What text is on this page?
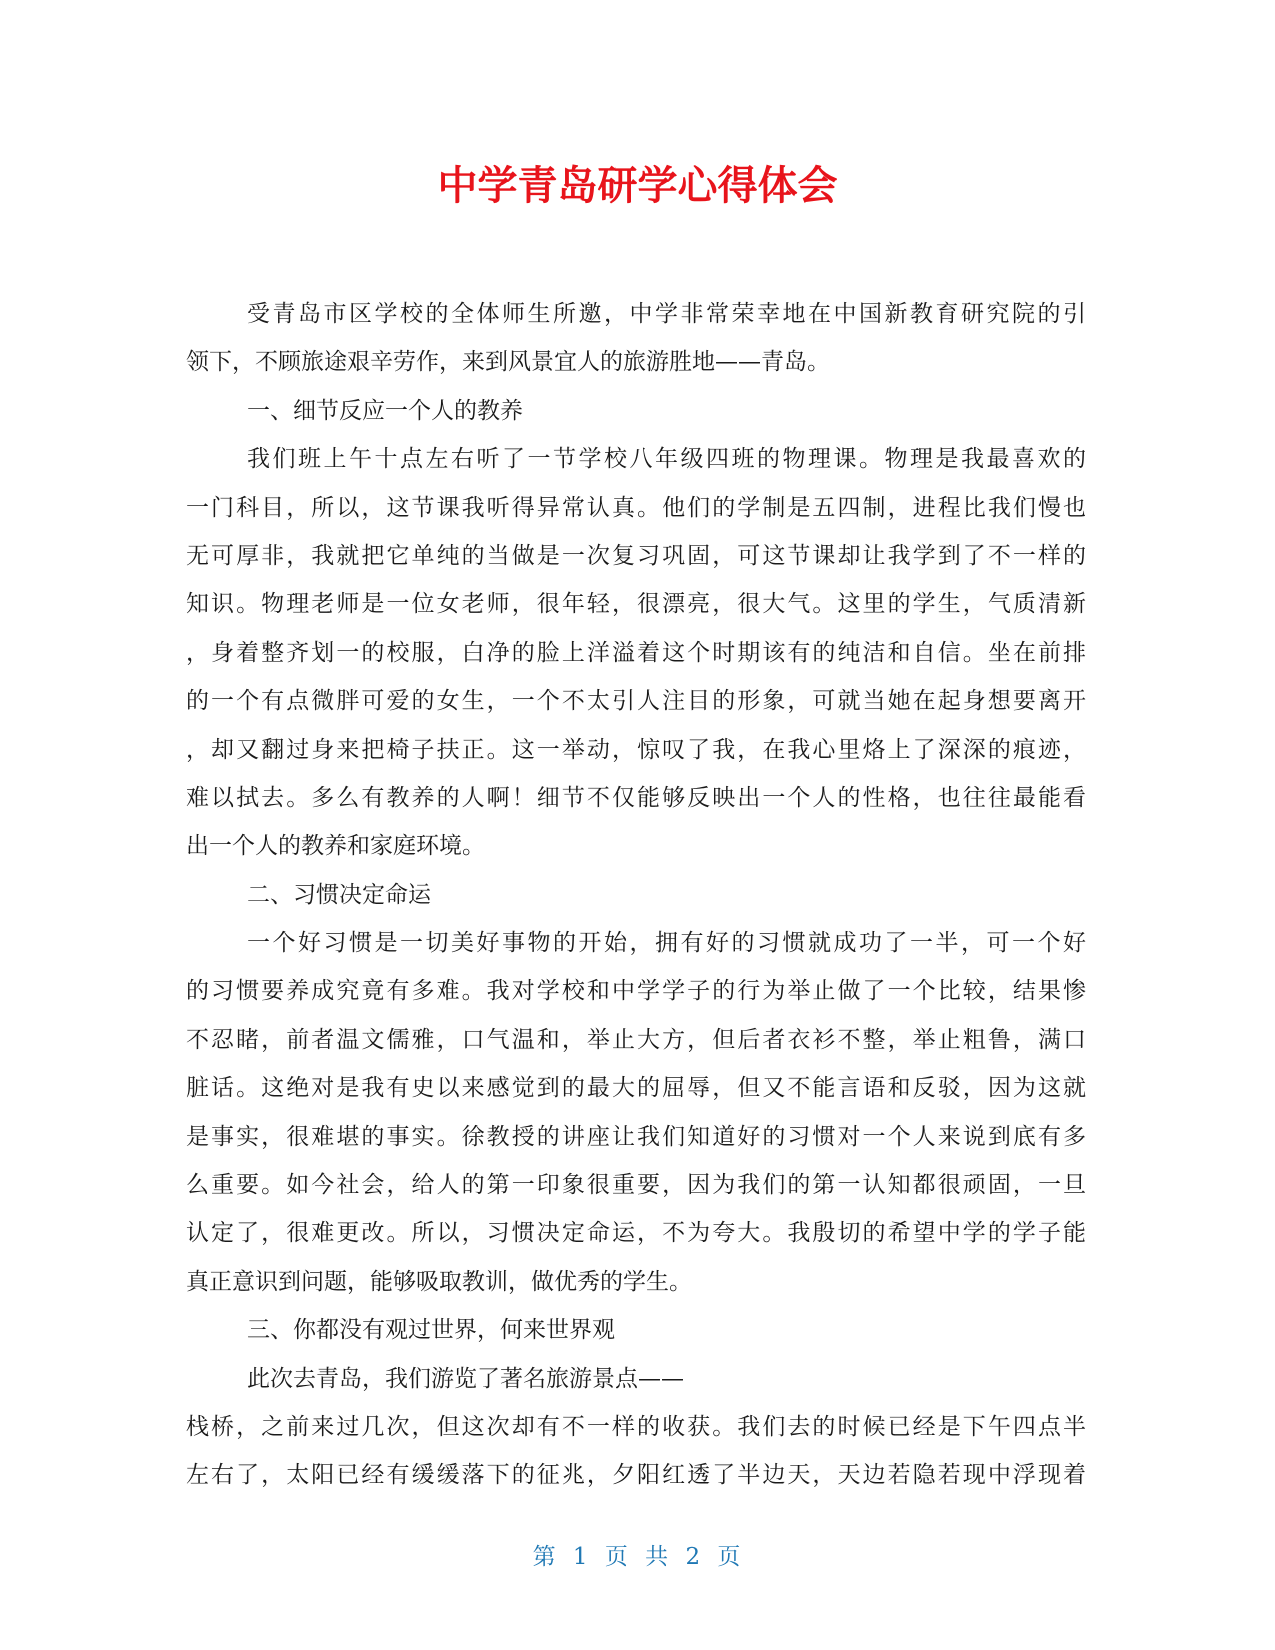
中学青岛研学心得体会
受青岛市区学校的全体师生所邀，中学非常荣幸地在中国新教育研究院的引
领下，不顾旅途艰辛劳作，来到风景宜人的旅游胜地——青岛。
一、细节反应一个人的教养
我们班上午十点左右听了一节学校八年级四班的物理课。物理是我最喜欢的
一门科目，所以，这节课我听得异常认真。他们的学制是五四制，进程比我们慢也
无可厚非，我就把它单纯的当做是一次复习巩固，可这节课却让我学到了不一样的
知识。物理老师是一位女老师，很年轻，很漂亮，很大气。这里的学生，气质清新
，身着整齐划一的校服，白净的脸上洋溢着这个时期该有的纯洁和自信。坐在前排
的一个有点微胖可爱的女生，一个不太引人注目的形象，可就当她在起身想要离开
，却又翻过身来把椅子扶正。这一举动，惊叹了我，在我心里烙上了深深的痕迹，
难以拭去。多么有教养的人啊！细节不仅能够反映出一个人的性格，也往往最能看
出一个人的教养和家庭环境。
二、习惯决定命运
一个好习惯是一切美好事物的开始，拥有好的习惯就成功了一半，可一个好
的习惯要养成究竟有多难。我对学校和中学学子的行为举止做了一个比较，结果惨
不忍睹，前者温文儒雅，口气温和，举止大方，但后者衣衫不整，举止粗鲁，满口
脏话。这绝对是我有史以来感觉到的最大的屈辱，但又不能言语和反驳，因为这就
是事实，很难堪的事实。徐教授的讲座让我们知道好的习惯对一个人来说到底有多
么重要。如今社会，给人的第一印象很重要，因为我们的第一认知都很顽固，一旦
认定了，很难更改。所以，习惯决定命运，不为夸大。我殷切的希望中学的学子能
真正意识到问题，能够吸取教训，做优秀的学生。
三、你都没有观过世界，何来世界观
此次去青岛，我们游览了著名旅游景点——
栈桥，之前来过几次，但这次却有不一样的收获。我们去的时候已经是下午四点半
左右了，太阳已经有缓缓落下的征兆，夕阳红透了半边天，天边若隐若现中浮现着
第 1 页 共 2 页
